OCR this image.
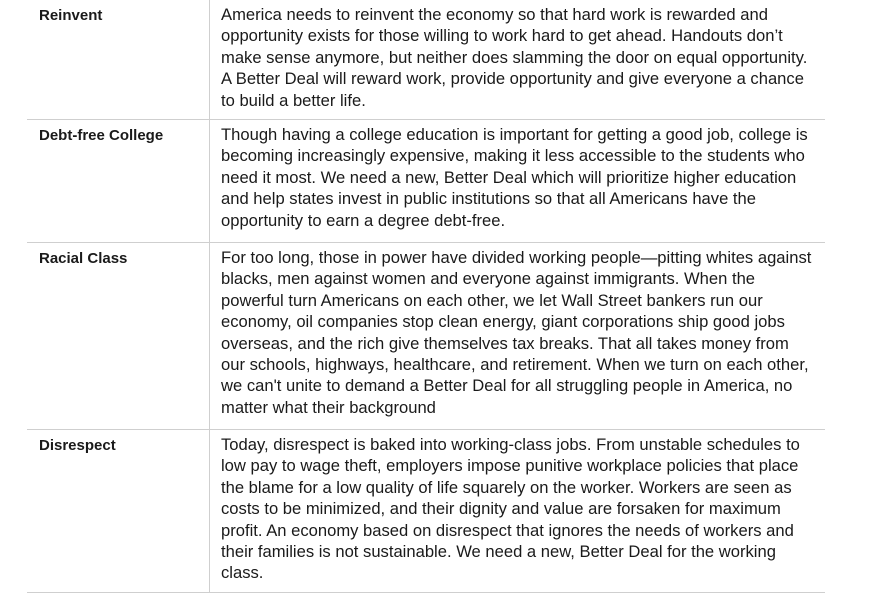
Reinvent	America needs to reinvent the economy so that hard work is rewarded and opportunity exists for those willing to work hard to get ahead. Handouts don’t make sense anymore, but neither does slamming the door on equal opportunity. A Better Deal will reward work, provide opportunity and give everyone a chance to build a better life.
Debt-free College	Though having a college education is important for getting a good job, college is becoming increasingly expensive, making it less accessible to the students who need it most. We need a new, Better Deal which will prioritize higher education and help states invest in public institutions so that all Americans have the opportunity to earn a degree debt-free.
Racial Class	For too long, those in power have divided working people—pitting whites against blacks, men against women and everyone against immigrants. When the powerful turn Americans on each other, we let Wall Street bankers run our economy, oil companies stop clean energy, giant corporations ship good jobs overseas, and the rich give themselves tax breaks. That all takes money from our schools, highways, healthcare, and retirement. When we turn on each other, we can't unite to demand a Better Deal for all struggling people in America, no matter what their background
Disrespect	Today, disrespect is baked into working-class jobs. From unstable schedules to low pay to wage theft, employers impose punitive workplace policies that place the blame for a low quality of life squarely on the worker. Workers are seen as costs to be minimized, and their dignity and value are forsaken for maximum profit. An economy based on disrespect that ignores the needs of workers and their families is not sustainable. We need a new, Better Deal for the working class.
